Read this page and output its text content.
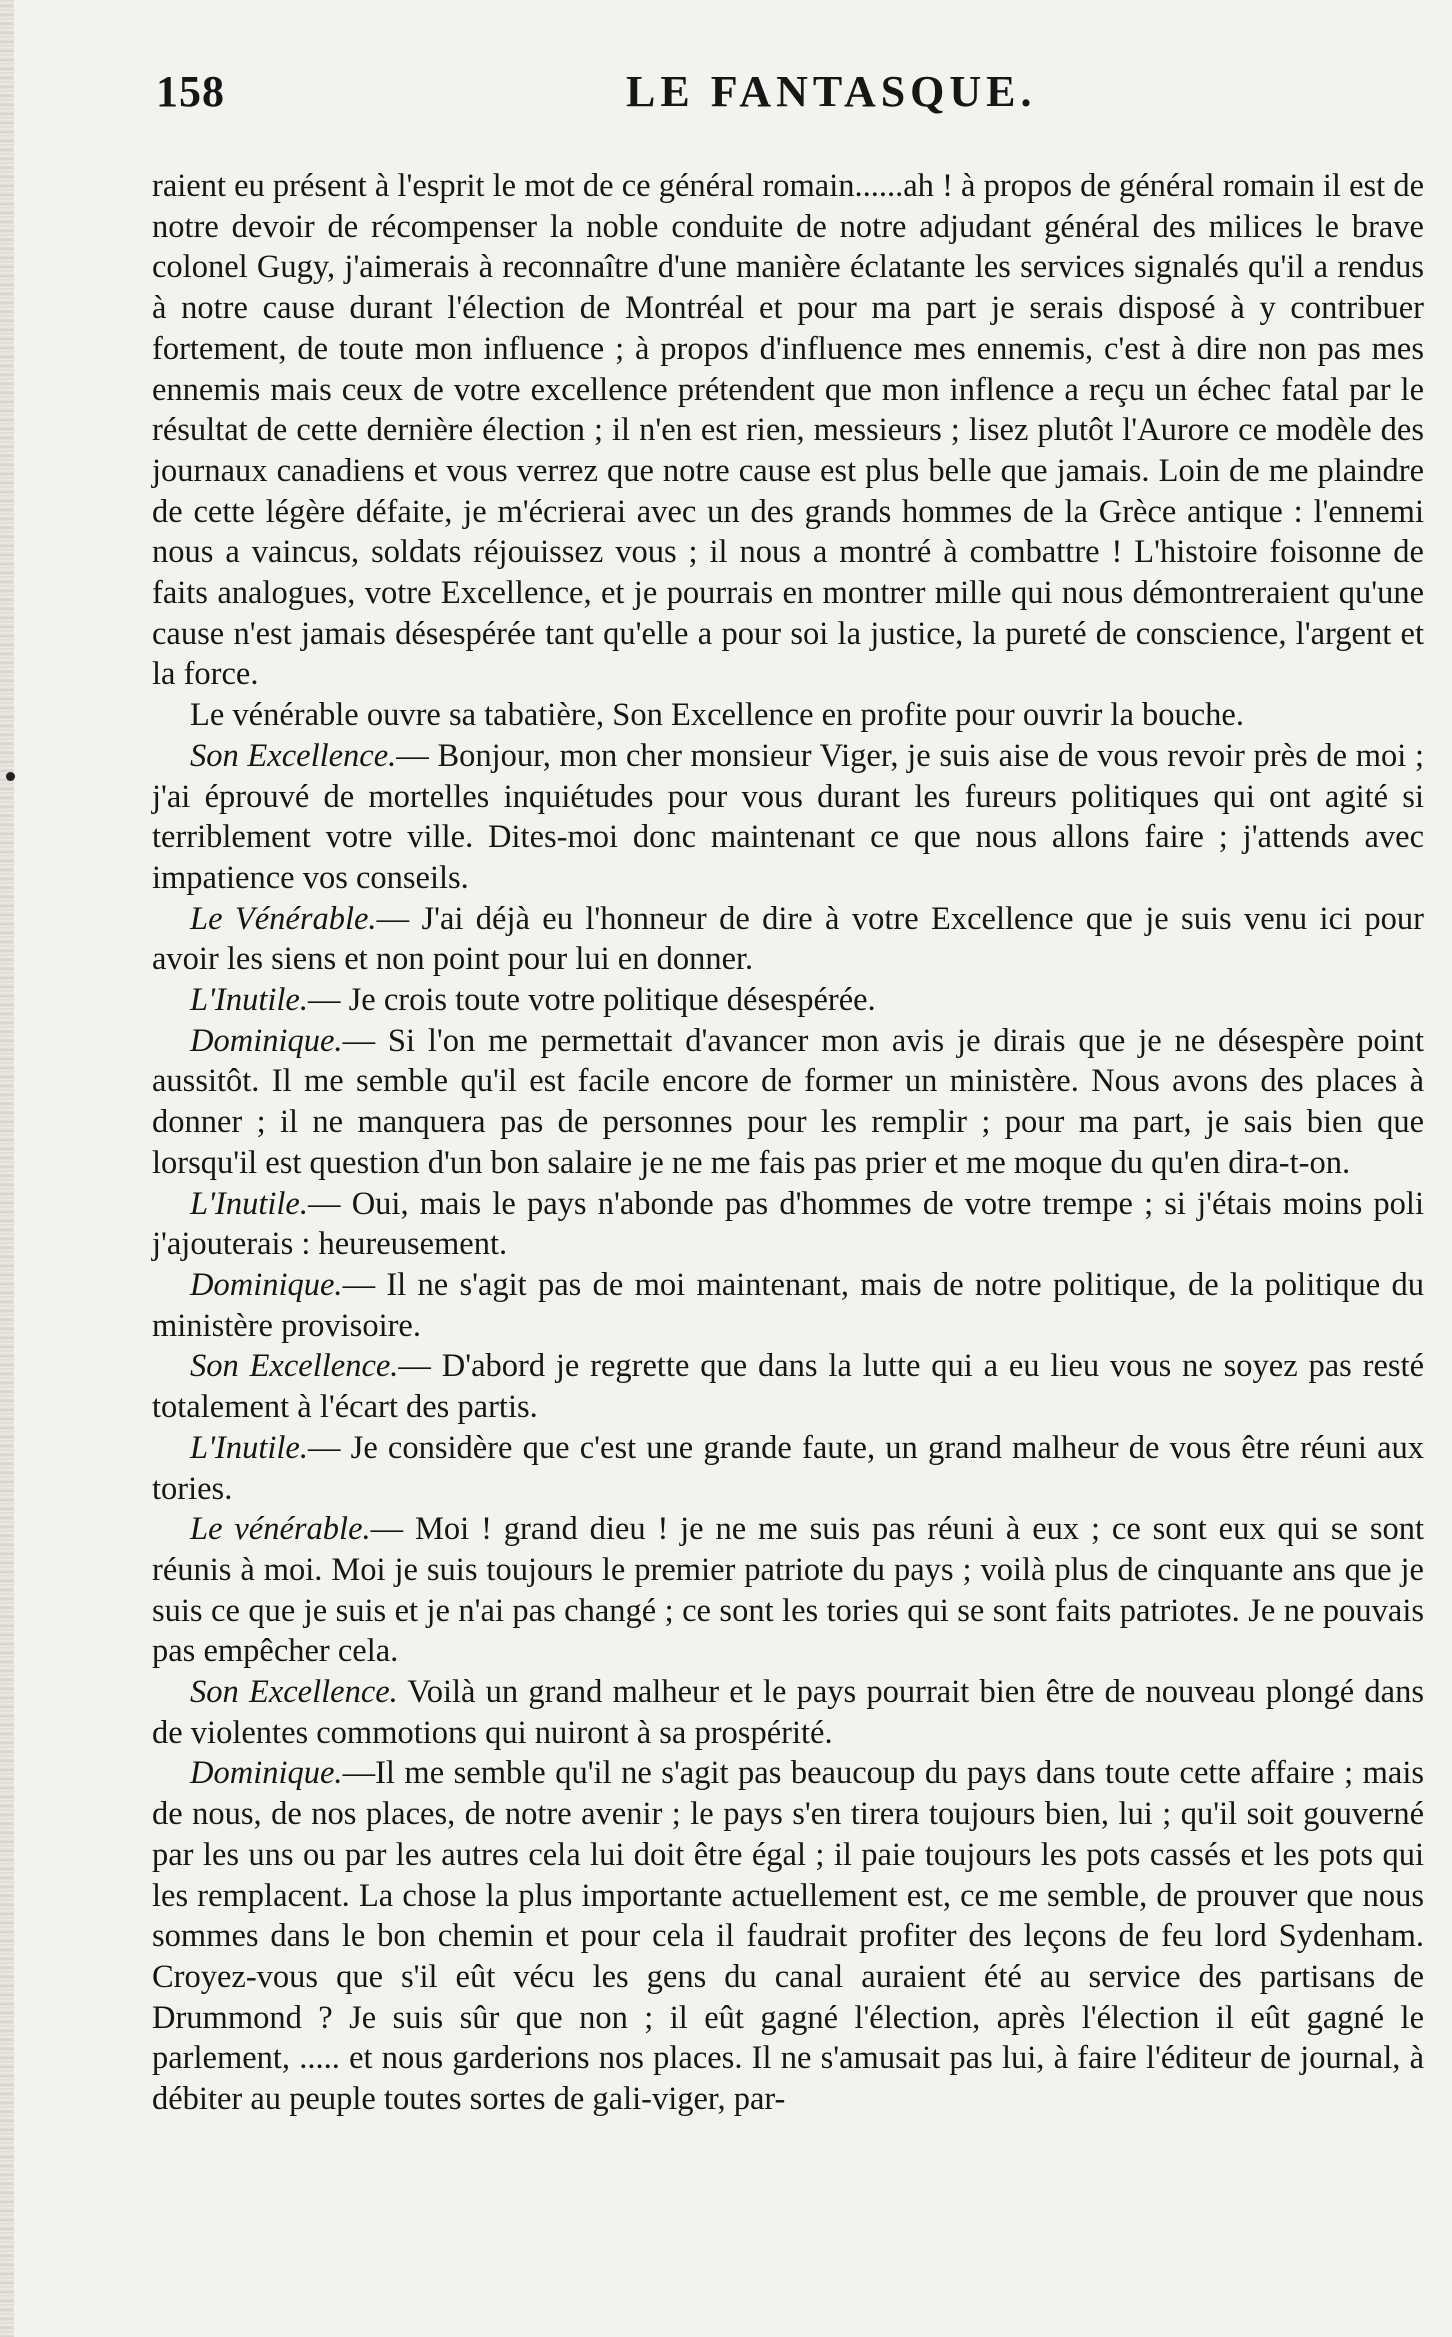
158	LE FANTASQUE.

raient eu présent à l'esprit le mot de ce général romain......ah ! à propos de général romain il est de notre devoir de récompenser la noble conduite de notre adjudant général des milices le brave colonel Gugy, j'aimerais à reconnaître d'une manière éclatante les services signalés qu'il a rendus à notre cause durant l'élection de Montréal et pour ma part je serais disposé à y contribuer fortement, de toute mon influence ; à propos d'influence mes ennemis, c'est à dire non pas mes ennemis mais ceux de votre excellence prétendent que mon inflence a reçu un échec fatal par le résultat de cette dernière élection ; il n'en est rien, messieurs ; lisez plutôt l'Aurore ce modèle des journaux canadiens et vous verrez que notre cause est plus belle que jamais. Loin de me plaindre de cette légère défaite, je m'écrierai avec un des grands hommes de la Grèce antique : l'ennemi nous a vaincus, soldats réjouissez vous ; il nous a montré à combattre ! L'histoire foisonne de faits analogues, votre Excellence, et je pourrais en montrer mille qui nous démontreraient qu'une cause n'est jamais désespérée tant qu'elle a pour soi la justice, la pureté de conscience, l'argent et la force.

Le vénérable ouvre sa tabatière, Son Excellence en profite pour ouvrir la bouche.

Son Excellence.— Bonjour, mon cher monsieur Viger, je suis aise de vous revoir près de moi ; j'ai éprouvé de mortelles inquiétudes pour vous durant les fureurs politiques qui ont agité si terriblement votre ville. Dites-moi donc maintenant ce que nous allons faire ; j'attends avec impatience vos conseils.

Le Vénérable.— J'ai déjà eu l'honneur de dire à votre Excellence que je suis venu ici pour avoir les siens et non point pour lui en donner.

L'Inutile.— Je crois toute votre politique désespérée.

Dominique.— Si l'on me permettait d'avancer mon avis je dirais que je ne désespère point aussitôt. Il me semble qu'il est facile encore de former un ministère. Nous avons des places à donner ; il ne manquera pas de personnes pour les remplir ; pour ma part, je sais bien que lorsqu'il est question d'un bon salaire je ne me fais pas prier et me moque du qu'en dira-t-on.

L'Inutile.— Oui, mais le pays n'abonde pas d'hommes de votre trempe ; si j'étais moins poli j'ajouterais : heureusement.

Dominique.— Il ne s'agit pas de moi maintenant, mais de notre politique, de la politique du ministère provisoire.

Son Excellence.— D'abord je regrette que dans la lutte qui a eu lieu vous ne soyez pas resté totalement à l'écart des partis.

L'Inutile.— Je considère que c'est une grande faute, un grand malheur de vous être réuni aux tories.

Le vénérable.— Moi ! grand dieu ! je ne me suis pas réuni à eux ; ce sont eux qui se sont réunis à moi. Moi je suis toujours le premier patriote du pays ; voilà plus de cinquante ans que je suis ce que je suis et je n'ai pas changé ; ce sont les tories qui se sont faits patriotes. Je ne pouvais pas empêcher cela.

Son Excellence. Voilà un grand malheur et le pays pourrait bien être de nouveau plongé dans de violentes commotions qui nuiront à sa prospérité.

Dominique.—Il me semble qu'il ne s'agit pas beaucoup du pays dans toute cette affaire ; mais de nous, de nos places, de notre avenir ; le pays s'en tirera toujours bien, lui ; qu'il soit gouverné par les uns ou par les autres cela lui doit être égal ; il paie toujours les pots cassés et les pots qui les remplacent. La chose la plus importante actuellement est, ce me semble, de prouver que nous sommes dans le bon chemin et pour cela il faudrait profiter des leçons de feu lord Sydenham. Croyez-vous que s'il eût vécu les gens du canal auraient été au service des partisans de Drummond ? Je suis sûr que non ; il eût gagné l'élection, après l'élection il eût gagné le parlement, ..... et nous garderions nos places. Il ne s'amusait pas lui, à faire l'éditeur de journal, à débiter au peuple toutes sortes de gali-viger, par-
